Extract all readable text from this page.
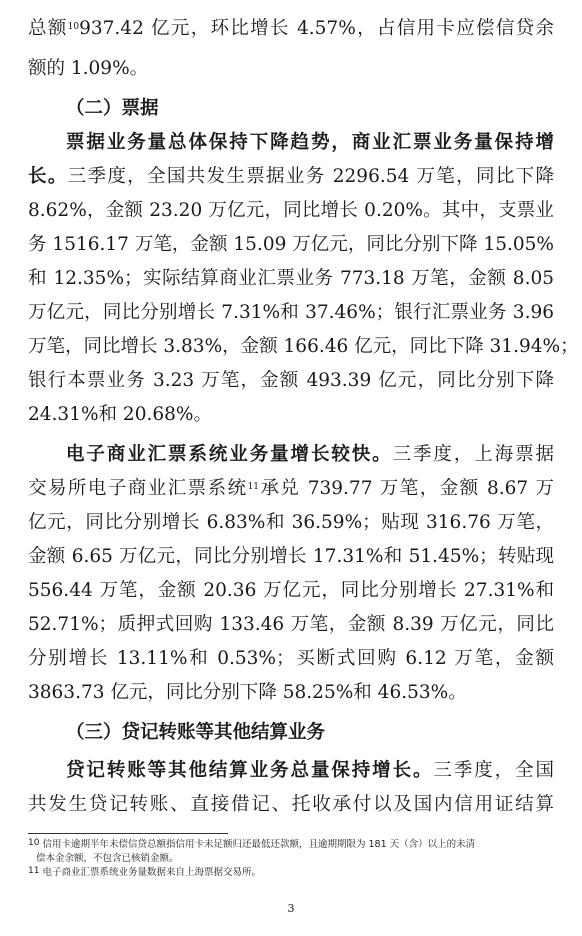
总额$^{10}$937.42 亿元，环比增长 4.57%，占信用卡应偿信贷余
额的 1.09%。
（二）票据
票据业务量总体保持下降趋势，商业汇票业务量保持增
长。三季度，全国共发生票据业务 2296.54 万笔，同比下降
8.62%，金额 23.20 万亿元，同比增长 0.20%。其中，支票业
务 1516.17 万笔，金额 15.09 万亿元，同比分别下降 15.05%
和 12.35%；实际结算商业汇票业务 773.18 万笔，金额 8.05
万亿元，同比分别增长 7.31%和 37.46%；银行汇票业务 3.96
万笔，同比增长 3.83%，金额 166.46 亿元，同比下降 31.94%；
银行本票业务 3.23 万笔，金额 493.39 亿元，同比分别下降
24.31%和 20.68%。
电子商业汇票系统业务量增长较快。三季度，上海票据
交易所电子商业汇票系统$^{11}$承兑 739.77 万笔，金额 8.67 万
亿元，同比分别增长 6.83%和 36.59%；贴现 316.76 万笔，
金额 6.65 万亿元，同比分别增长 17.31%和 51.45%；转贴现
556.44 万笔，金额 20.36 万亿元，同比分别增长 27.31%和
52.71%；质押式回购 133.46 万笔，金额 8.39 万亿元，同比
分别增长 13.11%和 0.53%；买断式回购 6.12 万笔，金额
3863.73 亿元，同比分别下降 58.25%和 46.53%。
（三）贷记转账等其他结算业务
贷记转账等其他结算业务总量保持增长。三季度，全国
共发生贷记转账、直接借记、托收承付以及国内信用证结算
$^{10}$ 信用卡逾期半年未偿信贷总额指信用卡未足额归还最低还款额，且逾期期限为 181 天（含）以上的未清
偿本金余额，不包含已核销金额。
$^{11}$ 电子商业汇票系统业务量数据来自上海票据交易所。
3
